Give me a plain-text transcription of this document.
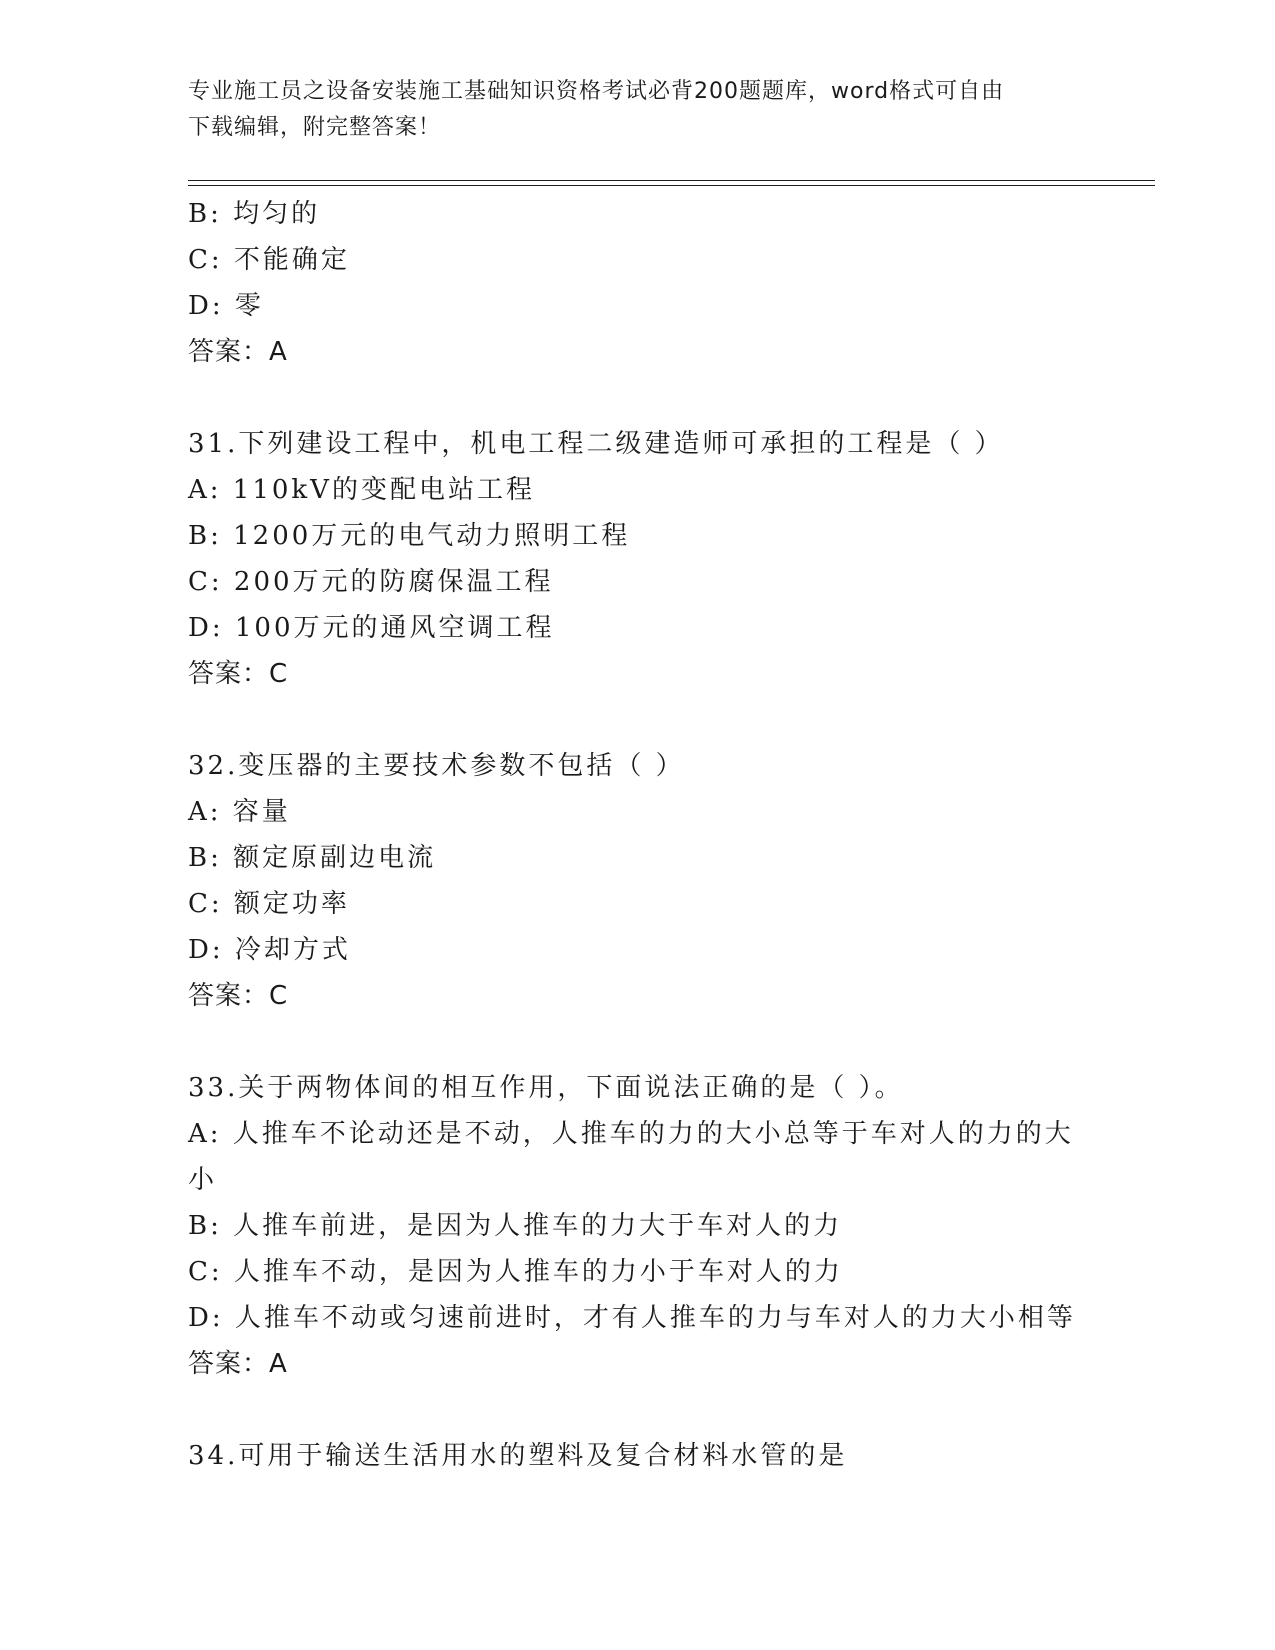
专业施工员之设备安装施工基础知识资格考试必背200题题库，word格式可自由
下载编辑，附完整答案！
B: 均匀的
C: 不能确定
D: 零
答案：A
31.下列建设工程中，机电工程二级建造师可承担的工程是（ ）
A: 110kV的变配电站工程
B: 1200万元的电气动力照明工程
C: 200万元的防腐保温工程
D: 100万元的通风空调工程
答案：C
32.变压器的主要技术参数不包括（ ）
A: 容量
B: 额定原副边电流
C: 额定功率
D: 冷却方式
答案：C
33.关于两物体间的相互作用，下面说法正确的是（ ）。
A: 人推车不论动还是不动，人推车的力的大小总等于车对人的力的大
小
B: 人推车前进，是因为人推车的力大于车对人的力
C: 人推车不动，是因为人推车的力小于车对人的力
D: 人推车不动或匀速前进时，才有人推车的力与车对人的力大小相等
答案：A
34.可用于输送生活用水的塑料及复合材料水管的是
